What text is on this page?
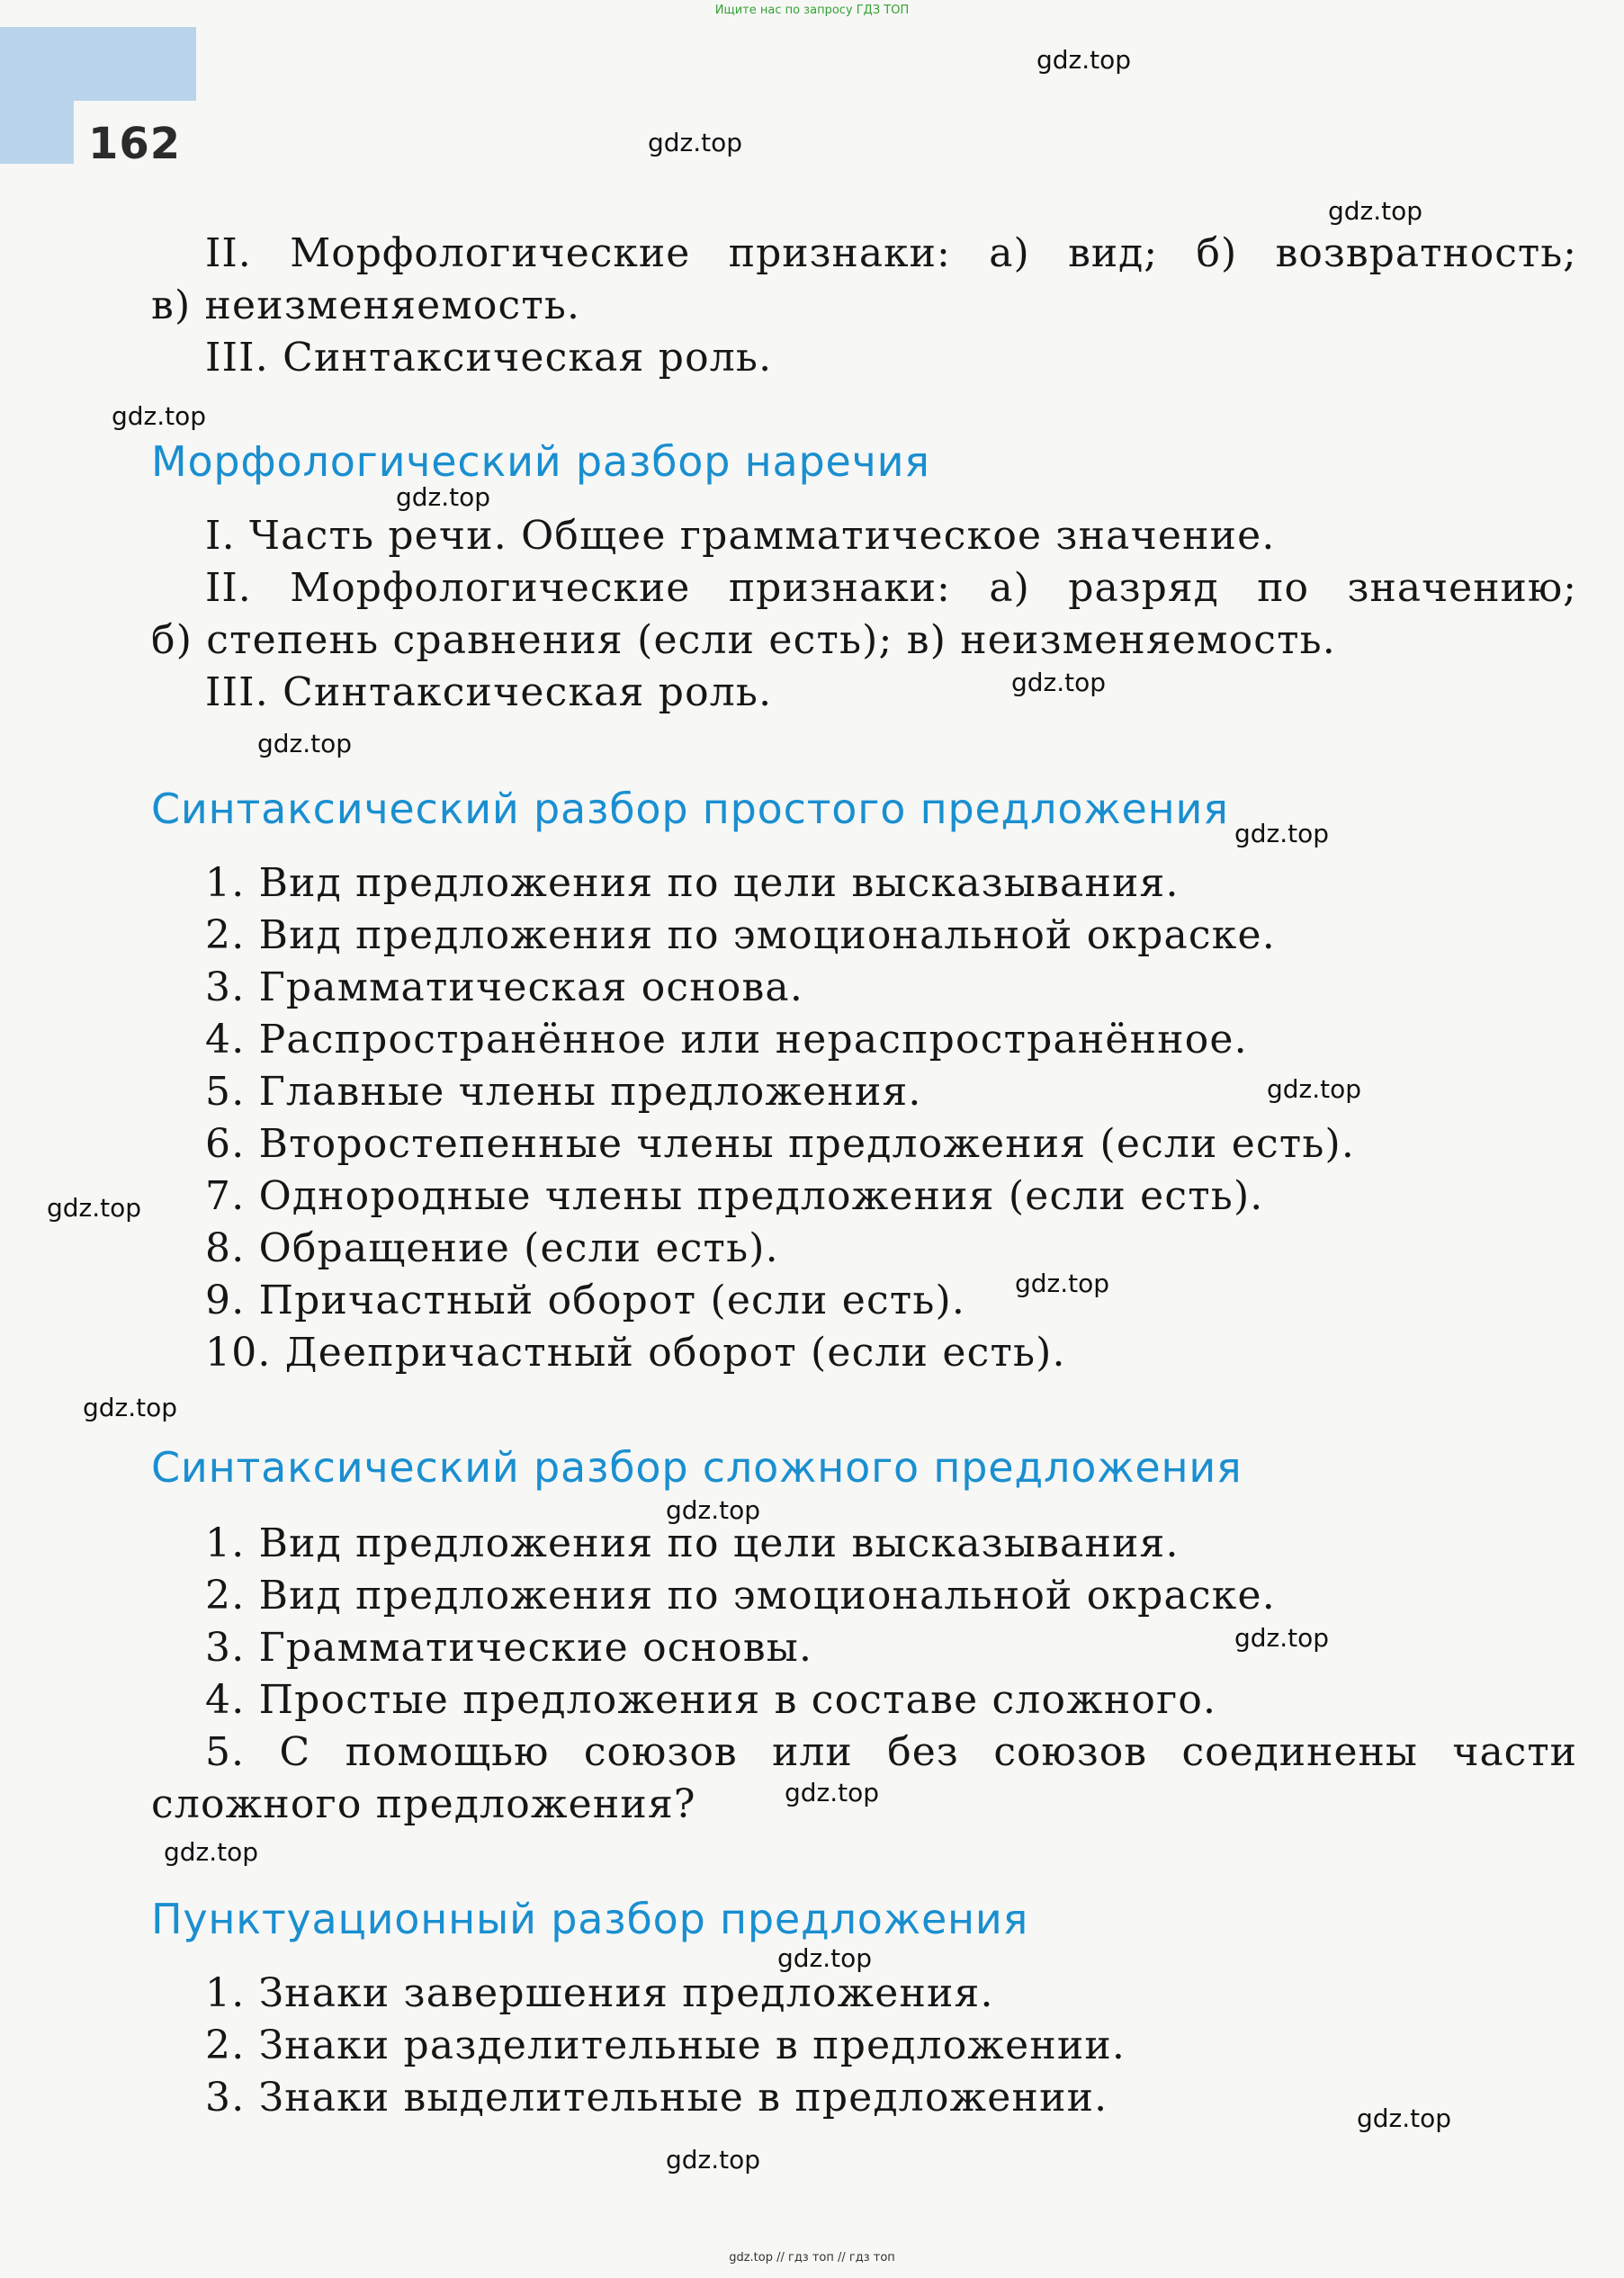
Ищите нас по запросу ГДЗ ТОП
162
II. Морфологические признаки: а) вид; б) возвратность;
в) неизменяемость.
III. Синтаксическая роль.
Морфологический разбор наречия
I. Часть речи. Общее грамматическое значение.
II. Морфологические признаки: а) разряд по значению;
б) степень сравнения (если есть); в) неизменяемость.
III. Синтаксическая роль.
Синтаксический разбор простого предложения
1. Вид предложения по цели высказывания.
2. Вид предложения по эмоциональной окраске.
3. Грамматическая основа.
4. Распространённое или нераспространённое.
5. Главные члены предложения.
6. Второстепенные члены предложения (если есть).
7. Однородные члены предложения (если есть).
8. Обращение (если есть).
9. Причастный оборот (если есть).
10. Деепричастный оборот (если есть).
Синтаксический разбор сложного предложения
1. Вид предложения по цели высказывания.
2. Вид предложения по эмоциональной окраске.
3. Грамматические основы.
4. Простые предложения в составе сложного.
5. С помощью союзов или без союзов соединены части
сложного предложения?
Пунктуационный разбор предложения
1. Знаки завершения предложения.
2. Знаки разделительные в предложении.
3. Знаки выделительные в предложении.
gdz.top
gdz.top
gdz.top
gdz.top
gdz.top
gdz.top
gdz.top
gdz.top
gdz.top
gdz.top
gdz.top
gdz.top
gdz.top
gdz.top
gdz.top
gdz.top
gdz.top
gdz.top
gdz.top
gdz.top // гдз топ // гдз топ
